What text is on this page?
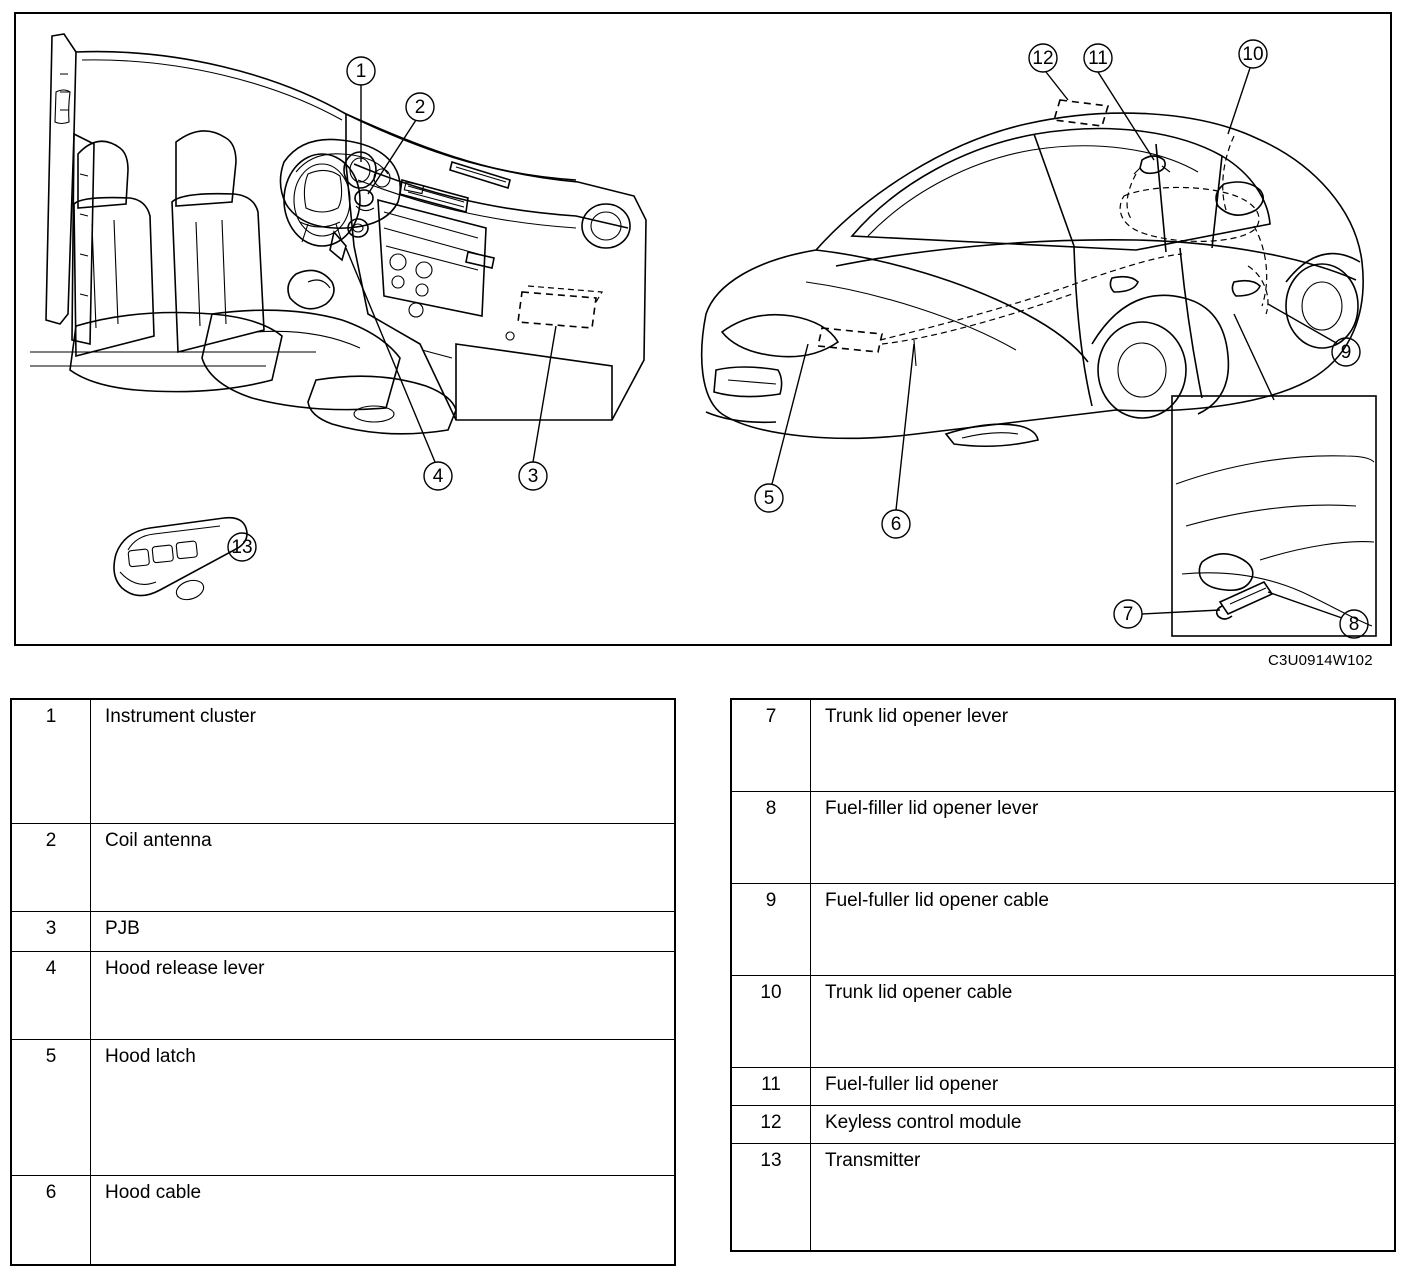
1
2
3
4
13
12 11	10
9
5
6
7	8
C3U0914W102
1	Instrument cluster
2	Coil antenna
3	PJB
4	Hood release lever
5	Hood latch
6	Hood cable
7	Trunk lid opener lever
8	Fuel-filler lid opener lever
9	Fuel-fuller lid opener cable
10	Trunk lid opener cable
11	Fuel-fuller lid opener
12	Keyless control module
13	Transmitter
